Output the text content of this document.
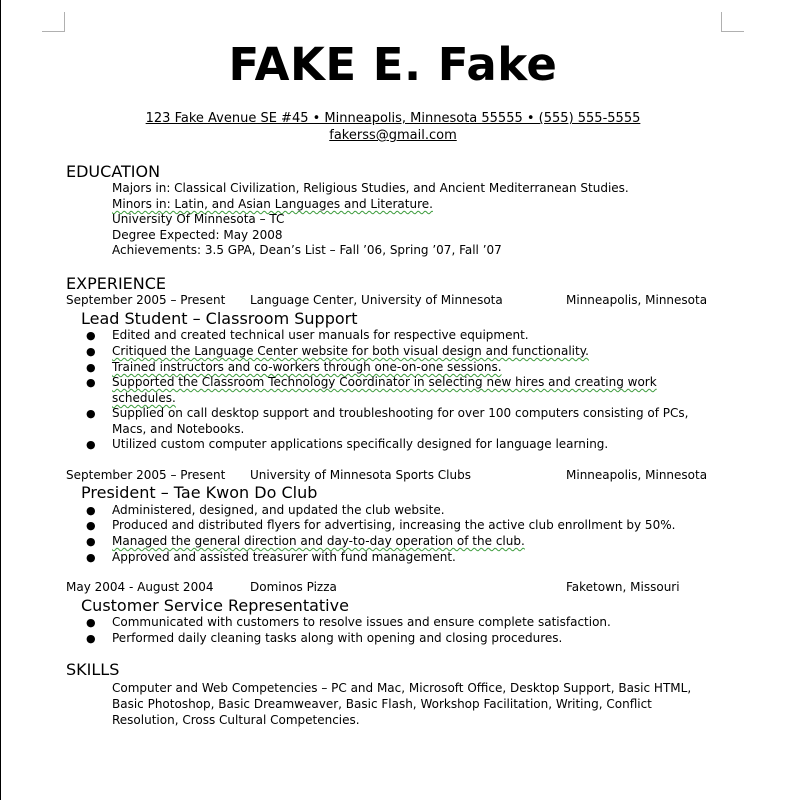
FAKE E. Fake
123 Fake Avenue SE #45 • Minneapolis, Minnesota 55555 • (555) 555-5555
fakerss@gmail.com
EDUCATION
Majors in: Classical Civilization, Religious Studies, and Ancient Mediterranean Studies.
Minors in: Latin, and Asian Languages and Literature.
University Of Minnesota – TC
Degree Expected: May 2008
Achievements: 3.5 GPA, Dean’s List – Fall ’06, Spring ’07, Fall ’07
EXPERIENCE
September 2005 – Present Language Center, University of Minnesota	Minneapolis, Minnesota
Lead Student – Classroom Support
● Edited and created technical user manuals for respective equipment.
● Critiqued the Language Center website for both visual design and functionality.
● Trained instructors and co-workers through one-on-one sessions.
● Supported the Classroom Technology Coordinator in selecting new hires and creating work schedules.
● Supplied on call desktop support and troubleshooting for over 100 computers consisting of PCs, Macs, and Notebooks.
● Utilized custom computer applications specifically designed for language learning.
September 2005 – Present University of Minnesota Sports Clubs	Minneapolis, Minnesota
President – Tae Kwon Do Club
● Administered, designed, and updated the club website.
● Produced and distributed flyers for advertising, increasing the active club enrollment by 50%.
● Managed the general direction and day-to-day operation of the club.
● Approved and assisted treasurer with fund management.
May 2004 - August 2004	Dominos Pizza	Faketown, Missouri
Customer Service Representative
● Communicated with customers to resolve issues and ensure complete satisfaction.
● Performed daily cleaning tasks along with opening and closing procedures.
SKILLS
Computer and Web Competencies – PC and Mac, Microsoft Office, Desktop Support, Basic HTML, Basic Photoshop, Basic Dreamweaver, Basic Flash, Workshop Facilitation, Writing, Conflict Resolution, Cross Cultural Competencies.
